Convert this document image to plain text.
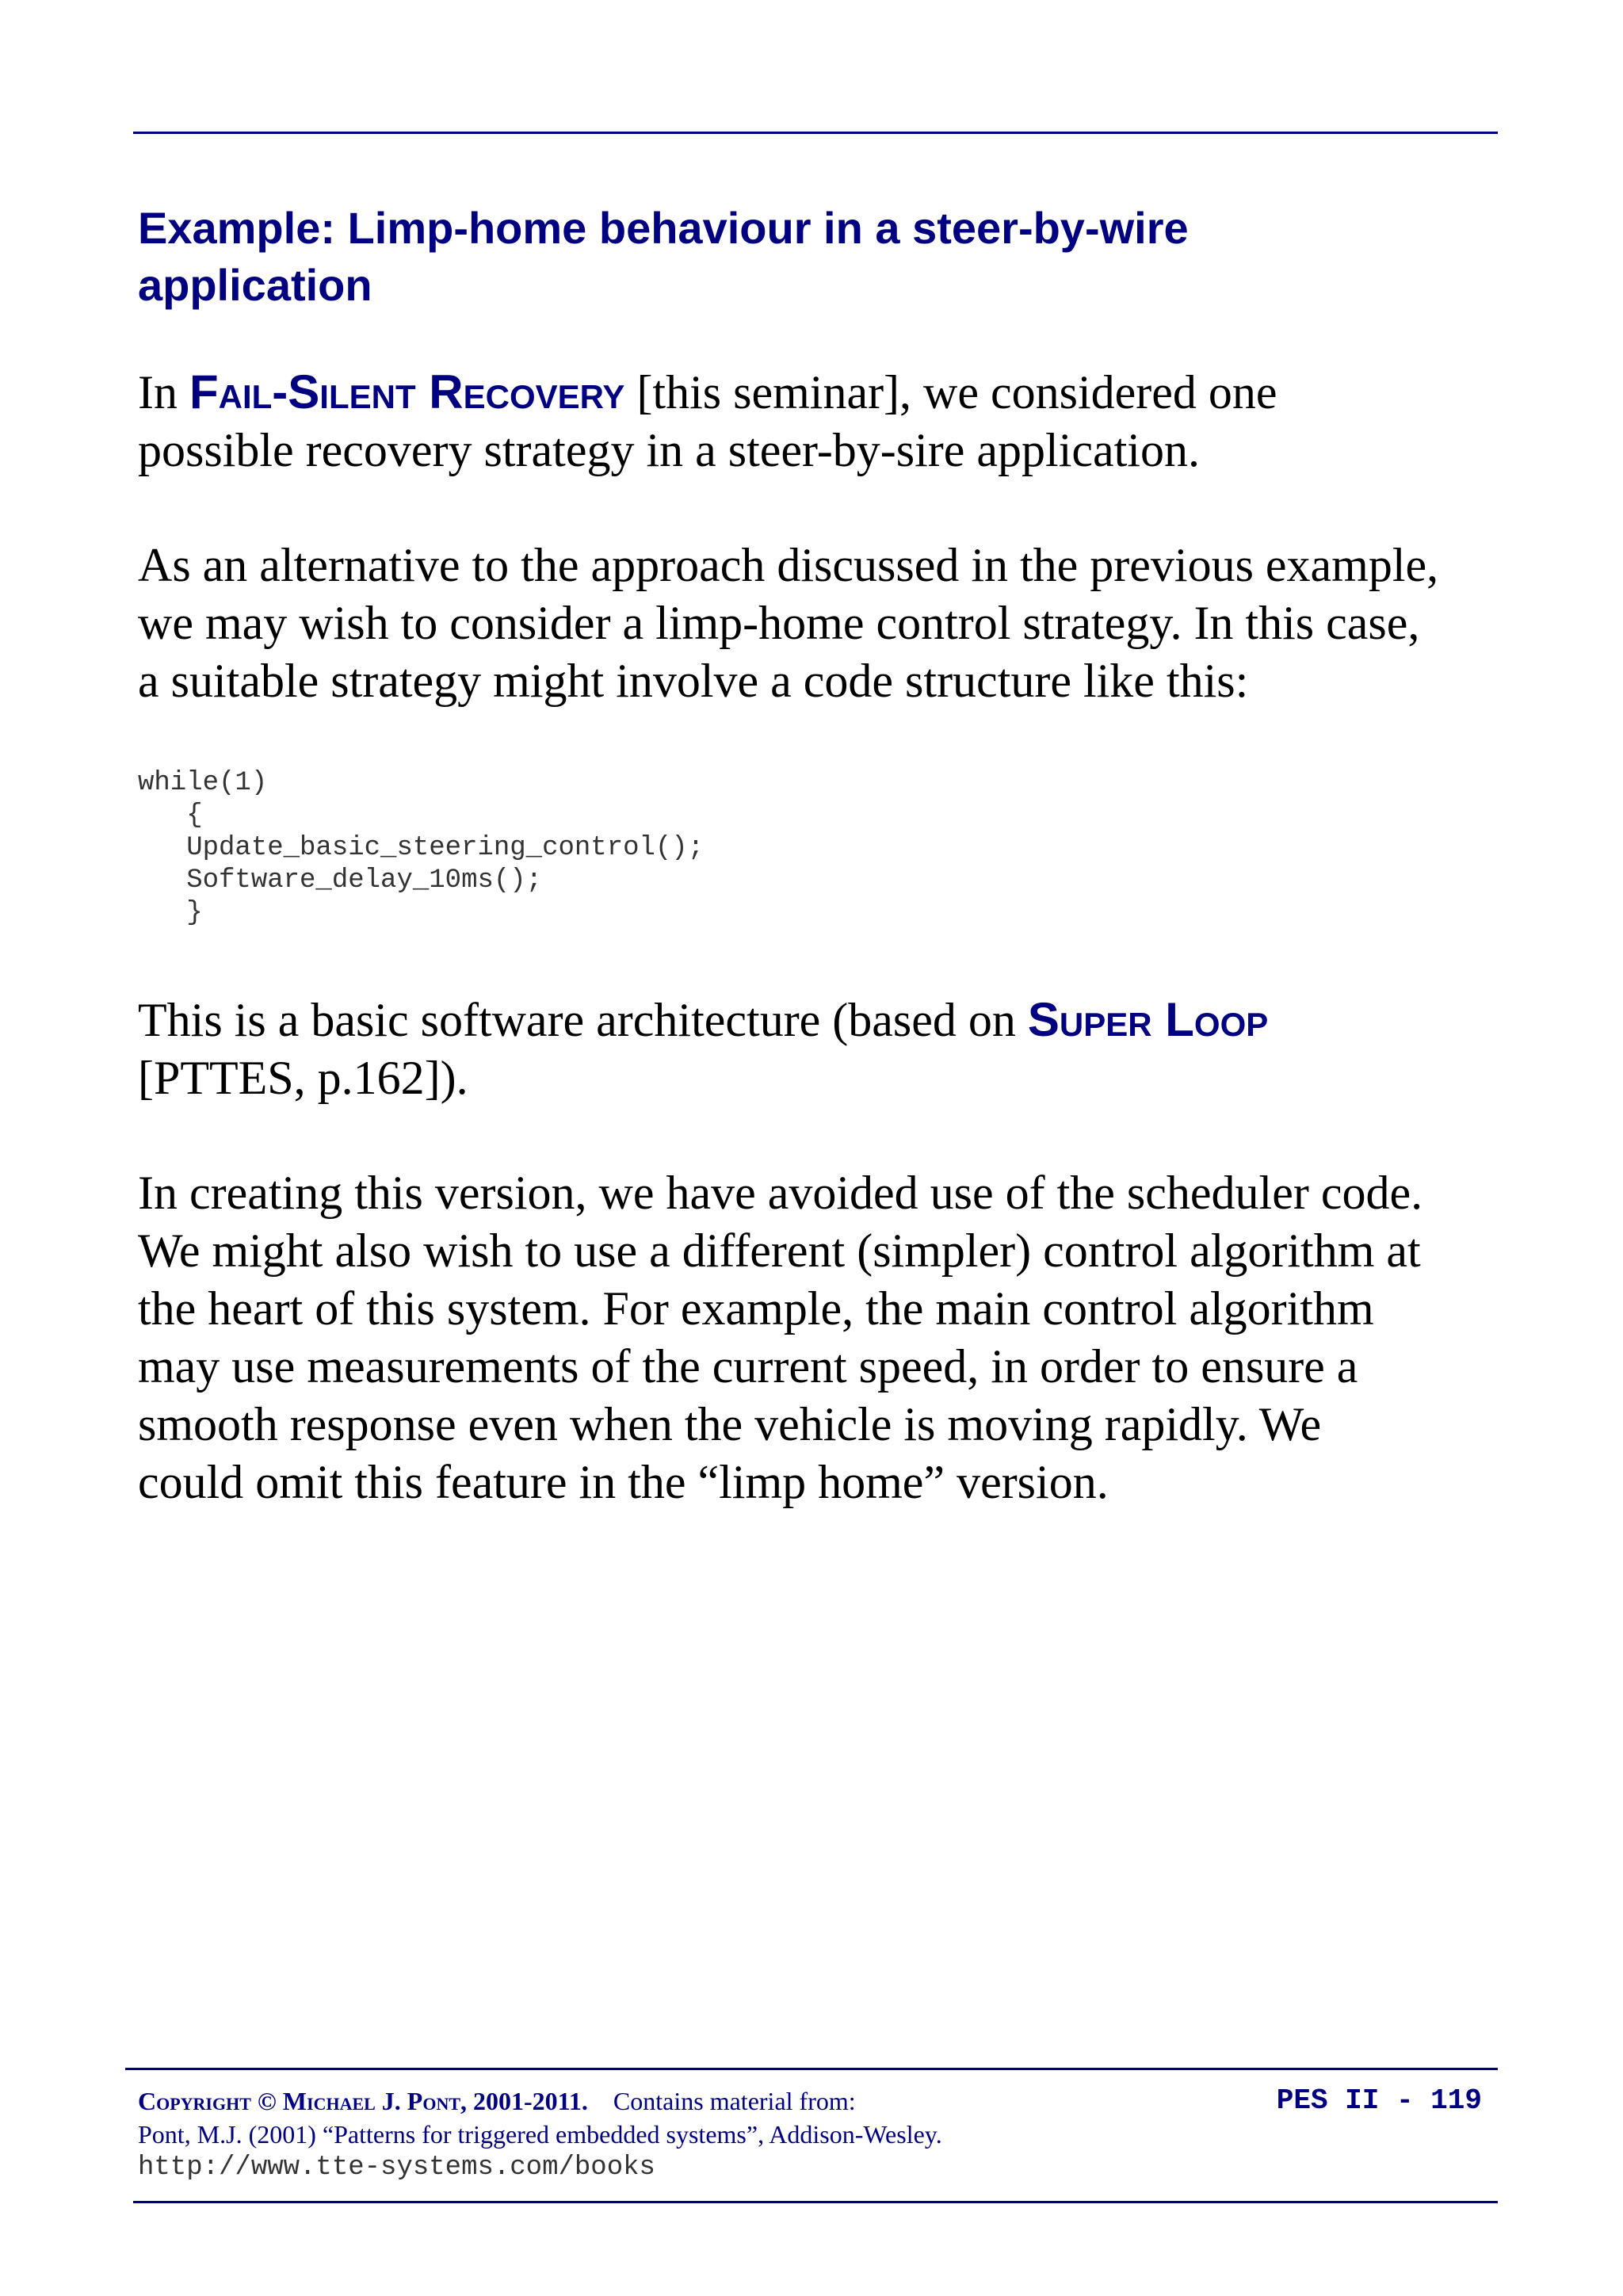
Example: Limp-home behaviour in a steer-by-wire
application

In Fail-Silent Recovery [this seminar], we considered one
possible recovery strategy in a steer-by-sire application.

As an alternative to the approach discussed in the previous example,
we may wish to consider a limp-home control strategy. In this case,
a suitable strategy might involve a code structure like this:

while(1)
{
Update_basic_steering_control();
Software_delay_10ms();
}

This is a basic software architecture (based on Super Loop
[PTTES, p.162]).

In creating this version, we have avoided use of the scheduler code.
We might also wish to use a different (simpler) control algorithm at
the heart of this system. For example, the main control algorithm
may use measurements of the current speed, in order to ensure a
smooth response even when the vehicle is moving rapidly. We
could omit this feature in the “limp home” version.

Copyright © Michael J. Pont, 2001-2011. Contains material from:
Pont, M.J. (2001) “Patterns for triggered embedded systems”, Addison-Wesley.
http://www.tte-systems.com/books
PES II - 119
